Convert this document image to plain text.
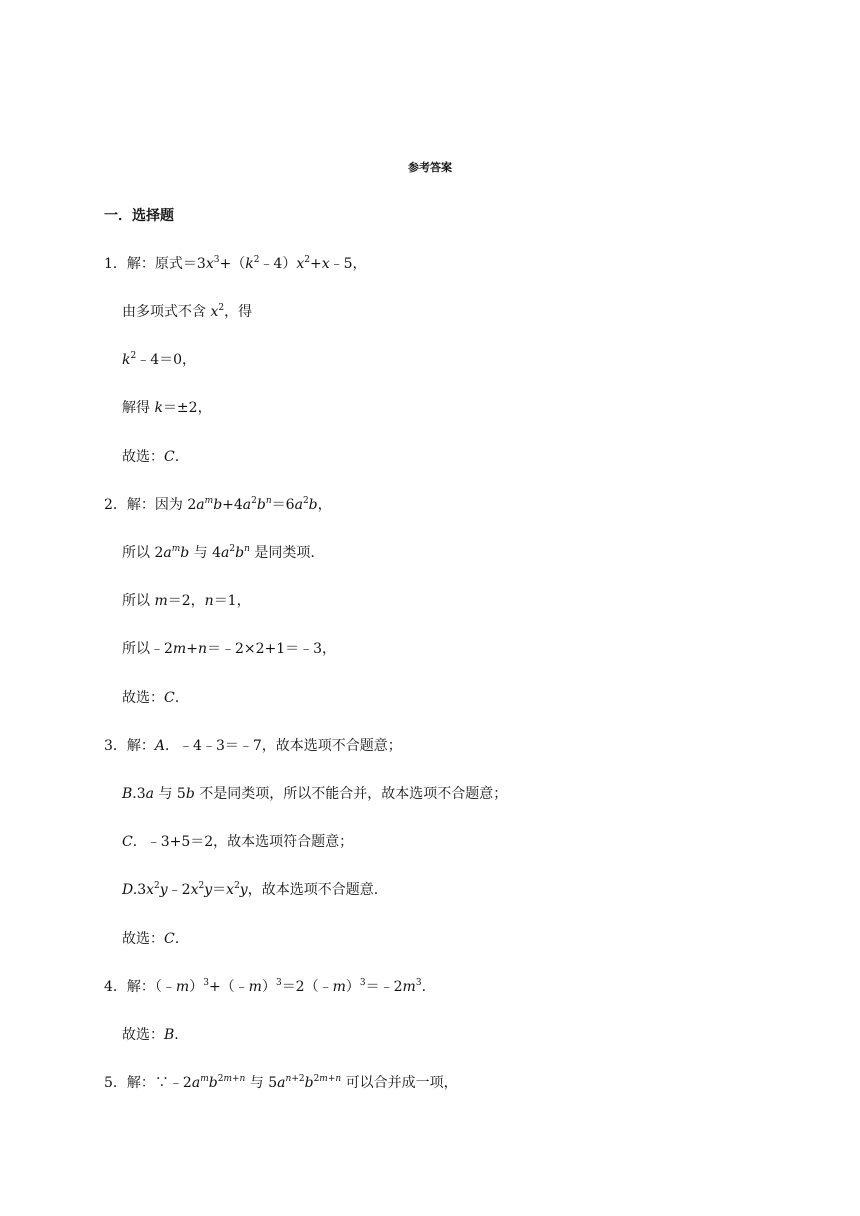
参考答案
一．选择题
1．解：原式$=3x^3+(k^2﹣4)x^2+x﹣5$，
由多项式不含 $x^2$，得
$k^2﹣4=0$，
解得 k＝±2，
故选：C.
2．解：因为 $2a^mb+4a^2b^n=6a^2b$，
所以 $2a^mb$ 与 $4a^2b^n$ 是同类项.
所以 m＝2，n＝1，
所以﹣2m+n＝﹣2×2+1＝﹣3，
故选：C.
3．解：A．﹣4﹣3＝﹣7，故本选项不合题意；
B.3a 与 5b 不是同类项，所以不能合并，故本选项不合题意；
C．﹣3+5＝2，故本选项符合题意；
$D.3x^2y﹣2x^2y=x^2y$，故本选项不合题意.
故选：C.
4．解：$(﹣m)^3+(﹣m)^3=2(﹣m)^3=﹣2m^3$.
故选：B.
5．解：$\because﹣2a^mb^{2m+n}$ 与 $5a^{n+2}b^{2m+n}$ 可以合并成一项，
